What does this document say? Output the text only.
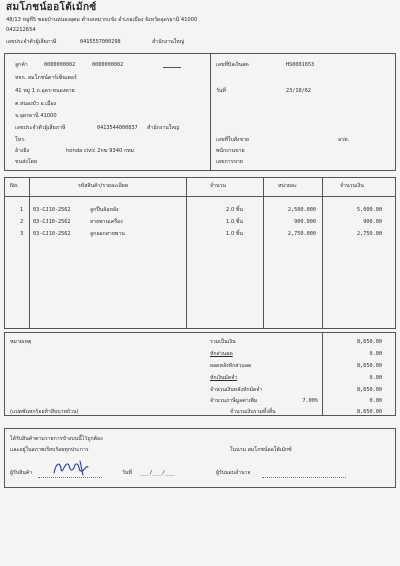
สมโภชน์ออโต้เม้กซ์
48/13 หมู่ที่5 ซอยบ้านหนองลุตม ตำบลหมากแข้ง อำเภอเมือง จังหวัดอุดรธานี 41000
042212654
เลขประจำตัวผู้เสียภาษี	0415557000298	สำนักงานใหญ่
ลูกค้า	0000000002	0000000002
หจก. สมโภชน์คาร์เซ็นเตอร์
41 หมู่ 1 ถ.อุดร-หนองคาย
ต.หนองบัว อ.เมือง
จ.อุดรธานี 41000
เลขประจำตัวผู้เสียภาษี	0413544000837 สำนักงานใหญ่
โทร.
อ้างอิง	honda civic 2กฆ 9340 กทม
ขนส่งโดย
เลขที่บิลเงินสด	HS0001653
วันที่	23/10/62
เลขที่ใบสั่งขาย	ลวท.
พนักงานขาย
เลขการขาย
No.	รหัสสินค้า/รายละเอียด	จำนวน	หน่วยละ	จำนวนเงิน
1 03-CJ10-2562	ลูกปืนล้อหลัง	2.0 ชิ้น	2,500.000	5,000.00
2 03-CJ10-2562	สายพานเครื่อง	1.0 ชิ้น	900.000	900.00
3 03-CJ10-2562	ลูกลอกสายพาน	1.0 ชิ้น	2,750.000	2,750.00
หมายเหตุ	รวมเป็นเงิน	8,650.00
หักส่วนลด	0.00
ยอดหลังหักส่วนลด	8,650.00
หักเงินมัดจำ	0.00
จำนวนเงินหลังหักมัดจำ	8,650.00
จำนวนภาษีมูลค่าเพิ่ม	7.00%	0.00
(แปดพันหกร้อยห้าสิบบาทถ้วน)	จำนวนเงินรวมทั้งสิ้น	8,650.00
ได้รับสินค้าตามรายการข้างบนนี้ไว้ถูกต้อง
และอยู่ในสภาพเรียบร้อยทุกประการ	ในนาม สมโภชน์ออโต้เม้กซ์
ผู้รับสินค้า	วันที่ ___/___/___	ผู้รับมอบอำนาจ
